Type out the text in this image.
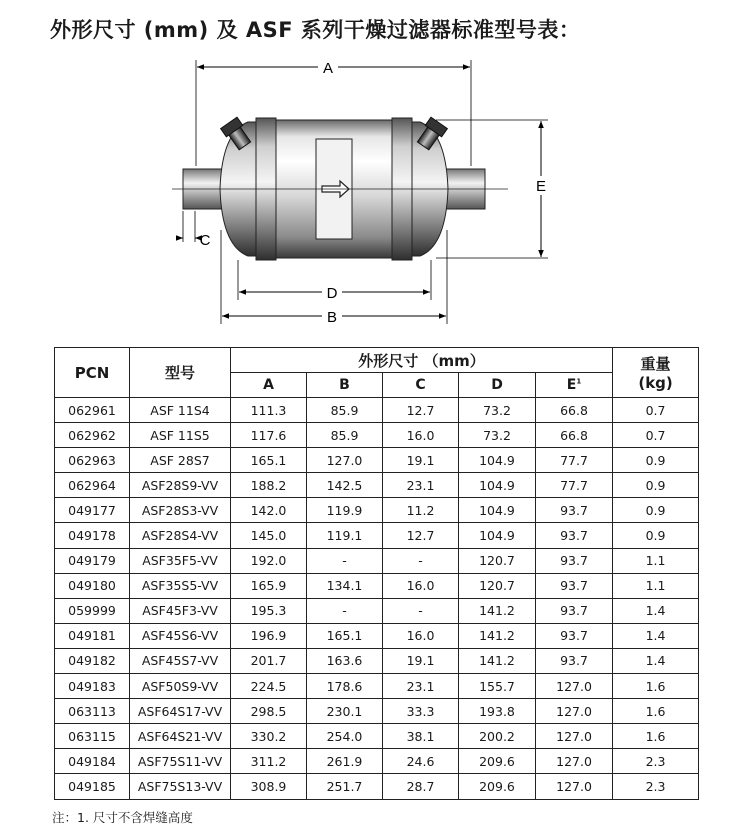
外形尺寸 (mm) 及 ASF 系列干燥过滤器标准型号表：
A
E
C
D
B
PCN	型号	外形尺寸 （mm）					重量
(kg)

		A	B	C	D	$E^1$
062961	ASF 11S4	111.3	85.9	12.7	73.2	66.8	0.7
062962	ASF 11S5	117.6	85.9	16.0	73.2	66.8	0.7
062963	ASF 28S7	165.1	127.0	19.1	104.9	77.7	0.9
062964	ASF28S9-VV	188.2	142.5	23.1	104.9	77.7	0.9
049177	ASF28S3-VV	142.0	119.9	11.2	104.9	93.7	0.9
049178	ASF28S4-VV	145.0	119.1	12.7	104.9	93.7	0.9
049179	ASF35F5-VV	192.0	-	-	120.7	93.7	1.1
049180	ASF35S5-VV	165.9	134.1	16.0	120.7	93.7	1.1
059999	ASF45F3-VV	195.3	-	-	141.2	93.7	1.4
049181	ASF45S6-VV	196.9	165.1	16.0	141.2	93.7	1.4
049182	ASF45S7-VV	201.7	163.6	19.1	141.2	93.7	1.4
049183	ASF50S9-VV	224.5	178.6	23.1	155.7	127.0	1.6
063113	ASF64S17-VV	298.5	230.1	33.3	193.8	127.0	1.6
063115	ASF64S21-VV	330.2	254.0	38.1	200.2	127.0	1.6
049184	ASF75S11-VV	311.2	261.9	24.6	209.6	127.0	2.3
049185	ASF75S13-VV	308.9	251.7	28.7	209.6	127.0	2.3
注：1. 尺寸不含焊缝高度
